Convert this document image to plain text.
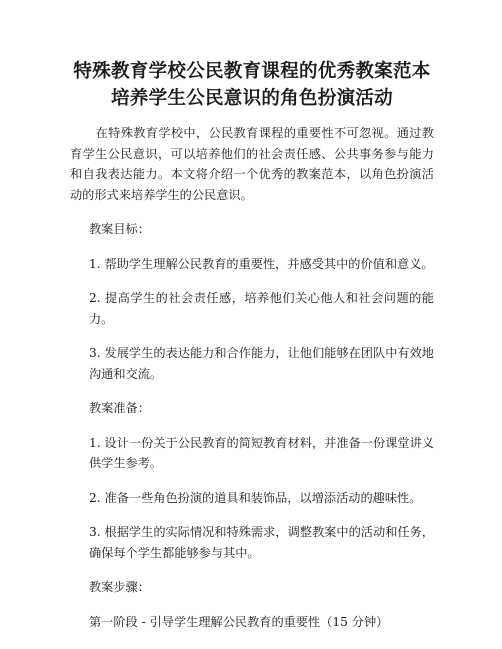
特殊教育学校公民教育课程的优秀教案范本
培养学生公民意识的角色扮演活动

在特殊教育学校中，公民教育课程的重要性不可忽视。通过教育学生公民意识，可以培养他们的社会责任感、公共事务参与能力和自我表达能力。本文将介绍一个优秀的教案范本，以角色扮演活动的形式来培养学生的公民意识。

教案目标：

1. 帮助学生理解公民教育的重要性，并感受其中的价值和意义。

2. 提高学生的社会责任感，培养他们关心他人和社会问题的能力。

3. 发展学生的表达能力和合作能力，让他们能够在团队中有效地沟通和交流。

教案准备：

1. 设计一份关于公民教育的简短教育材料，并准备一份课堂讲义供学生参考。

2. 准备一些角色扮演的道具和装饰品，以增添活动的趣味性。

3. 根据学生的实际情况和特殊需求，调整教案中的活动和任务，确保每个学生都能够参与其中。

教案步骤：

第一阶段 - 引导学生理解公民教育的重要性（15 分钟）
